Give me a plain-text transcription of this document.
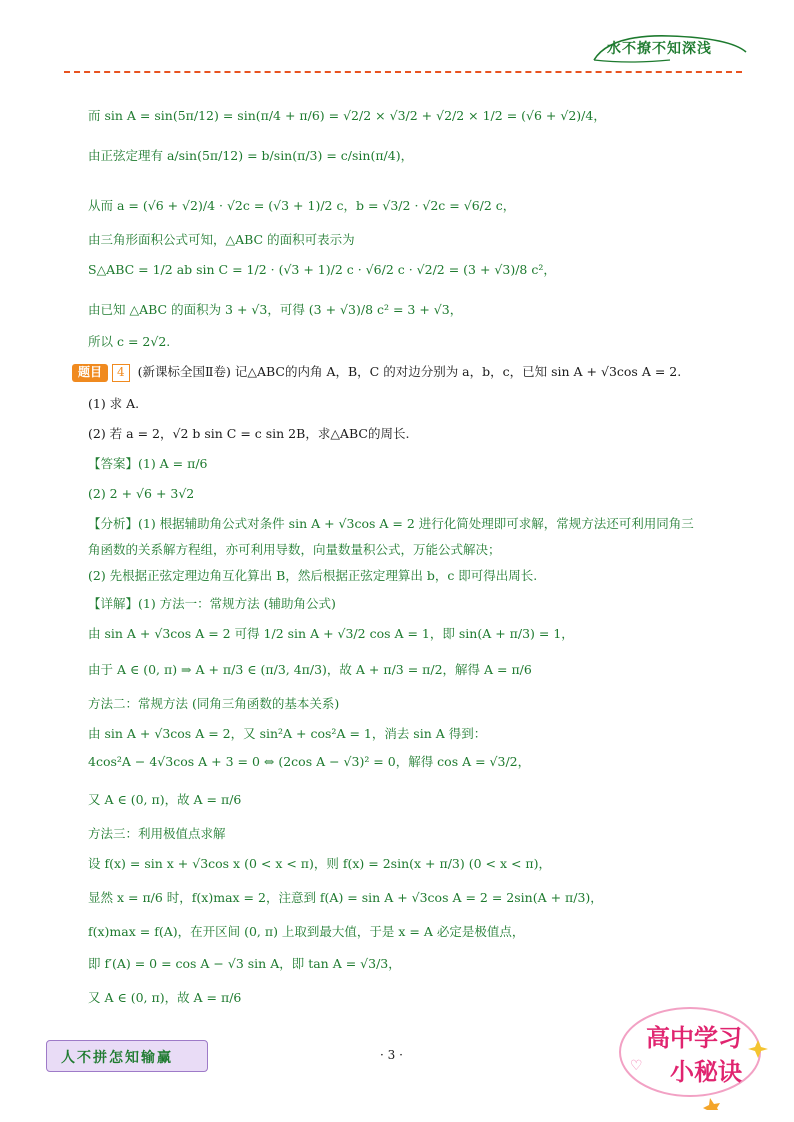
水不撩不知深浅
而 sin A = sin(5π/12) = sin(π/4 + π/6) = √2/2 × √3/2 + √2/2 × 1/2 = (√6 + √2)/4，
由正弦定理有 a/sin(5π/12) = b/sin(π/3) = c/sin(π/4)，
从而 a = (√6 + √2)/4 · √2c = (√3 + 1)/2 c，b = √3/2 · √2c = √6/2 c，
由三角形面积公式可知，△ABC 的面积可表示为
S△ABC = 1/2 ab sin C = 1/2 · (√3 + 1)/2 c · √6/2 c · √2/2 = (3 + √3)/8 c²，
由已知 △ABC 的面积为 3 + √3，可得 (3 + √3)/8 c² = 3 + √3，
所以 c = 2√2.
题目 4 (新课标全国Ⅱ卷) 记△ABC的内角 A，B，C 的对边分别为 a，b，c，已知 sin A + √3cos A = 2.
(1) 求 A.
(2) 若 a = 2，√2 b sin C = c sin 2B，求△ABC的周长.
【答案】(1) A = π/6
(2) 2 + √6 + 3√2
【分析】(1) 根据辅助角公式对条件 sin A + √3cos A = 2 进行化简处理即可求解，常规方法还可利用同角三
角函数的关系解方程组，亦可利用导数，向量数量积公式，万能公式解决；
(2) 先根据正弦定理边角互化算出 B，然后根据正弦定理算出 b，c 即可得出周长.
【详解】(1) 方法一：常规方法 (辅助角公式)
由 sin A + √3cos A = 2 可得 1/2 sin A + √3/2 cos A = 1，即 sin(A + π/3) = 1，
由于 A ∈ (0, π) ⇒ A + π/3 ∈ (π/3, 4π/3)，故 A + π/3 = π/2，解得 A = π/6
方法二：常规方法 (同角三角函数的基本关系)
由 sin A + √3cos A = 2，又 sin²A + cos²A = 1，消去 sin A 得到：
4cos²A − 4√3cos A + 3 = 0 ⇔ (2cos A − √3)² = 0，解得 cos A = √3/2，
又 A ∈ (0, π)，故 A = π/6
方法三：利用极值点求解
设 f(x) = sin x + √3cos x (0 < x < π)，则 f(x) = 2sin(x + π/3) (0 < x < π)，
显然 x = π/6 时，f(x)max = 2，注意到 f(A) = sin A + √3cos A = 2 = 2sin(A + π/3)，
f(x)max = f(A)，在开区间 (0, π) 上取到最大值，于是 x = A 必定是极值点，
即 f′(A) = 0 = cos A − √3 sin A，即 tan A = √3/3，
又 A ∈ (0, π)，故 A = π/6
人不拼怎知输赢	· 3 ·
高中学习
小秘诀
♡
